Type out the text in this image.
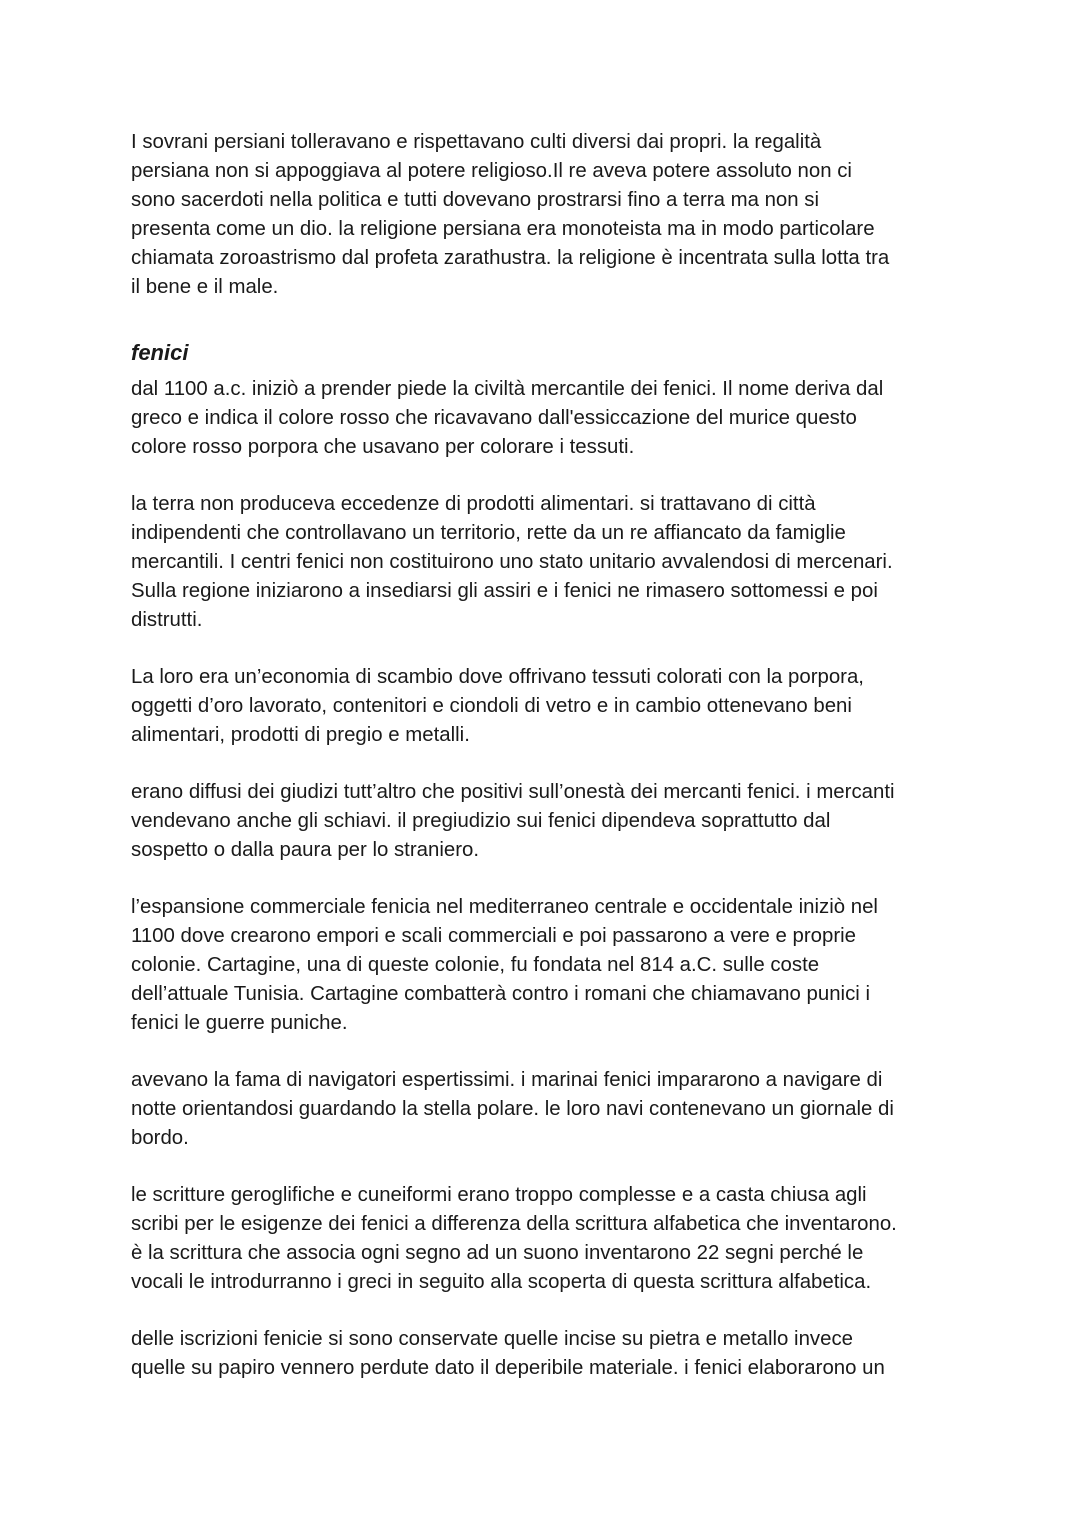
I sovrani persiani tolleravano e rispettavano culti diversi dai propri. la regalità
persiana non si appoggiava al potere religioso.Il re aveva potere assoluto non ci
sono sacerdoti nella politica e tutti dovevano prostrarsi fino a terra ma non si
presenta come un dio. la religione persiana era monoteista ma in modo particolare
chiamata zoroastrismo dal profeta zarathustra. la religione è incentrata sulla lotta tra
il bene e il male.

fenici

dal 1100 a.c. iniziò a prender piede la civiltà mercantile dei fenici. Il nome deriva dal
greco e indica il colore rosso che ricavavano dall'essiccazione del murice questo
colore rosso porpora che usavano per colorare i tessuti.

la terra non produceva eccedenze di prodotti alimentari. si trattavano di città
indipendenti che controllavano un territorio, rette da un re affiancato da famiglie
mercantili. I centri fenici non costituirono uno stato unitario avvalendosi di mercenari.
Sulla regione iniziarono a insediarsi gli assiri e i fenici ne rimasero sottomessi e poi
distrutti.

La loro era un’economia di scambio dove offrivano tessuti colorati con la porpora,
oggetti d’oro lavorato, contenitori e ciondoli di vetro e in cambio ottenevano beni
alimentari, prodotti di pregio e metalli.

erano diffusi dei giudizi tutt’altro che positivi sull’onestà dei mercanti fenici. i mercanti
vendevano anche gli schiavi. il pregiudizio sui fenici dipendeva soprattutto dal
sospetto o dalla paura per lo straniero.

l’espansione commerciale fenicia nel mediterraneo centrale e occidentale iniziò nel
1100 dove crearono empori e scali commerciali e poi passarono a vere e proprie
colonie. Cartagine, una di queste colonie, fu fondata nel 814 a.C. sulle coste
dell’attuale Tunisia. Cartagine combatterà contro i romani che chiamavano punici i
fenici le guerre puniche.

avevano la fama di navigatori espertissimi. i marinai fenici impararono a navigare di
notte orientandosi guardando la stella polare. le loro navi contenevano un giornale di
bordo.

le scritture geroglifiche e cuneiformi erano troppo complesse e a casta chiusa agli
scribi per le esigenze dei fenici a differenza della scrittura alfabetica che inventarono.
è la scrittura che associa ogni segno ad un suono inventarono 22 segni perché le
vocali le introdurranno i greci in seguito alla scoperta di questa scrittura alfabetica.

delle iscrizioni fenicie si sono conservate quelle incise su pietra e metallo invece
quelle su papiro vennero perdute dato il deperibile materiale. i fenici elaborarono un
